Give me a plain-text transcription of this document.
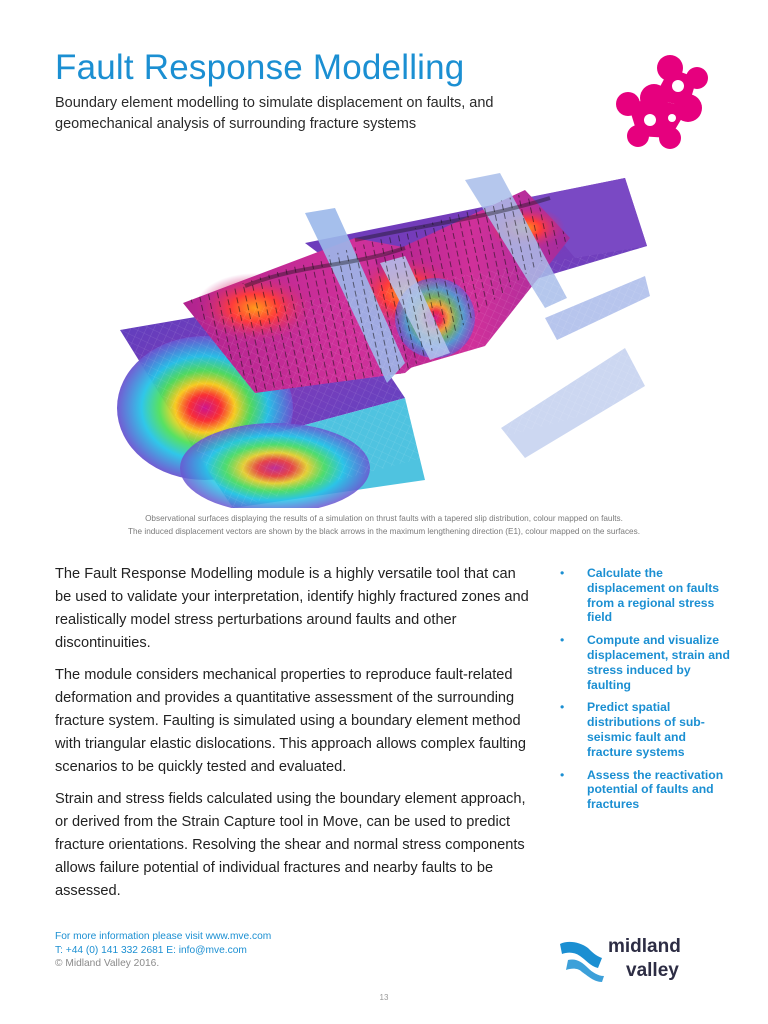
Fault Response Modelling
Boundary element modelling to simulate displacement on faults, and geomechanical analysis of surrounding fracture systems
Observational surfaces displaying the results of a simulation on thrust faults with a tapered slip distribution, colour mapped on faults.
The induced displacement vectors are shown by the black arrows in the maximum lengthening direction (E1), colour mapped on the surfaces.

The Fault Response Modelling module is a highly versatile tool that can be used to validate your interpretation, identify highly fractured zones and realistically model stress perturbations around faults and other discontinuities.

The module considers mechanical properties to reproduce fault-related deformation and provides a quantitative assessment of the surrounding fracture system. Faulting is simulated using a boundary element method with triangular elastic dislocations. This approach allows complex faulting scenarios to be quickly tested and evaluated.

Strain and stress fields calculated using the boundary element approach, or derived from the Strain Capture tool in Move, can be used to predict fracture orientations. Resolving the shear and normal stress components allows failure potential of individual fractures and nearby faults to be assessed.

• Calculate the displacement on faults from a regional stress field
• Compute and visualize displacement, strain and stress induced by faulting
• Predict spatial distributions of sub-seismic fault and fracture systems
• Assess the reactivation potential of faults and fractures
For more information please visit www.mve.com
T: +44 (0) 141 332 2681 E: info@mve.com
© Midland Valley 2016.
midland
valley
13
